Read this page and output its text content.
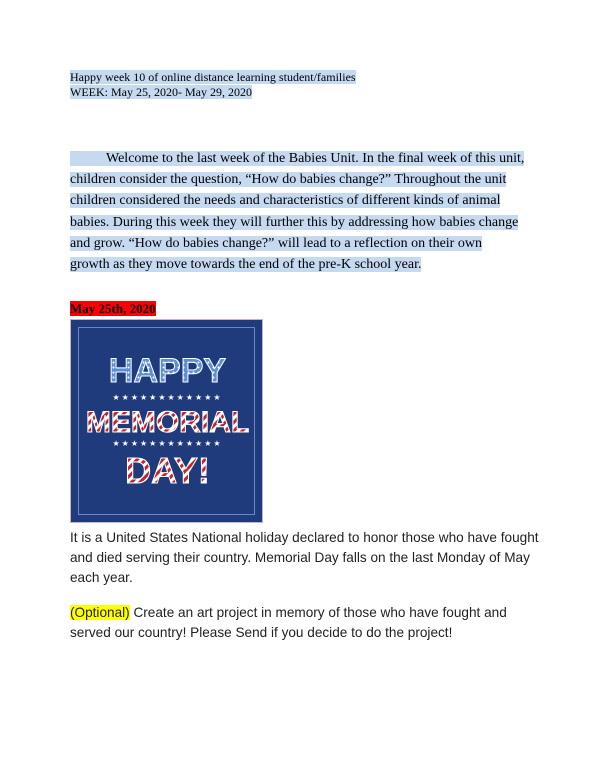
Happy week 10 of online distance learning student/families
WEEK: May 25, 2020- May 29, 2020
Welcome to the last week of the Babies Unit. In the final week of this unit, children consider the question, “How do babies change?” Throughout the unit children considered the needs and characteristics of different kinds of animal babies. During this week they will further this by addressing how babies change and grow. “How do babies change?” will lead to a reflection on their own growth as they move towards the end of the pre-K school year.
May 25th, 2020
HAPPY
★★★★★★★★★★★★
MEMORIAL
★★★★★★★★★★★★
DAY!
It is a United States National holiday declared to honor those who have fought and died serving their country. Memorial Day falls on the last Monday of May each year.
(Optional) Create an art project in memory of those who have fought and served our country! Please Send if you decide to do the project!
